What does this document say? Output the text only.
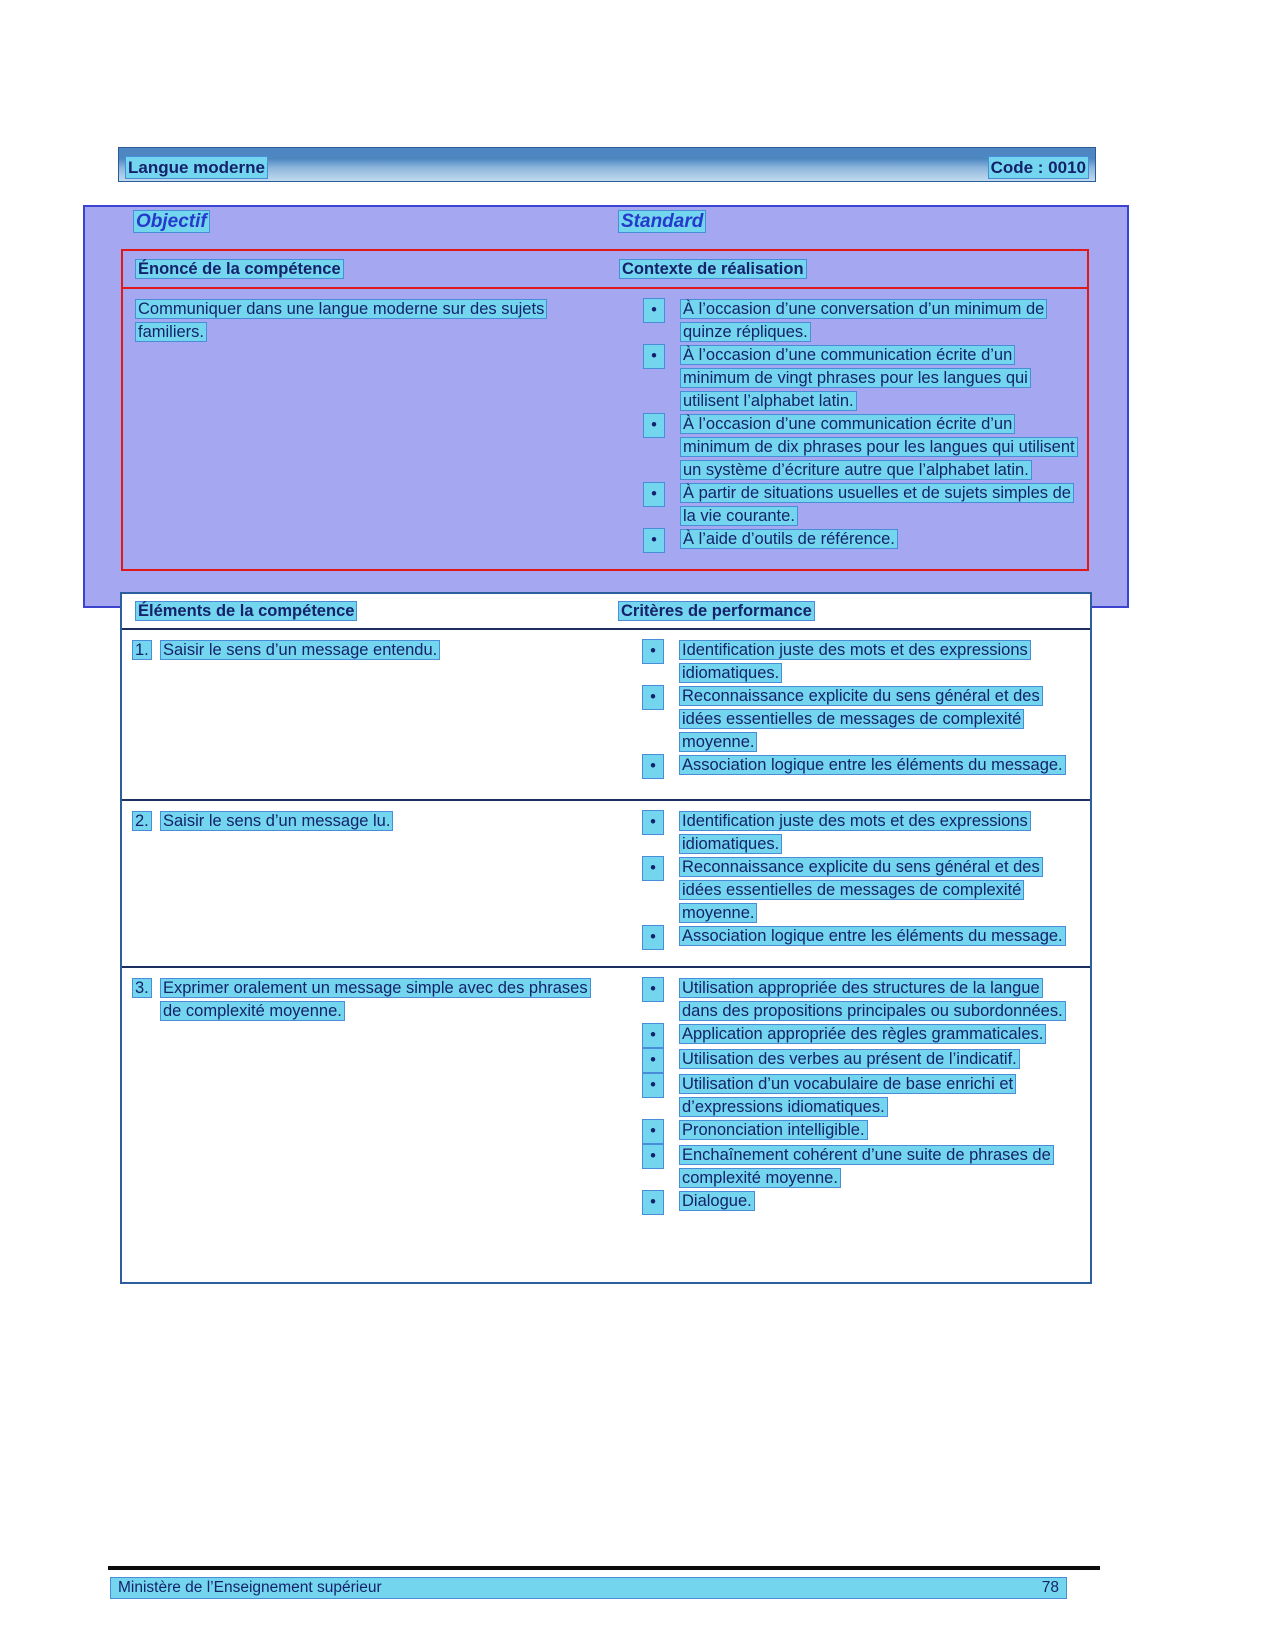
Langue moderne	Code : 0010
Objectif	Standard
Énoncé de la compétence	Contexte de réalisation
Communiquer dans une langue moderne sur des sujets familiers.
•	À l’occasion d’une conversation d’un minimum de quinze répliques.
•	À l’occasion d’une communication écrite d’un minimum de vingt phrases pour les langues qui utilisent l’alphabet latin.
•	À l’occasion d’une communication écrite d’un minimum de dix phrases pour les langues qui utilisent un système d’écriture autre que l’alphabet latin.
•	À partir de situations usuelles et de sujets simples de la vie courante.
•	À l’aide d’outils de référence.
Éléments de la compétence	Critères de performance
1. Saisir le sens d’un message entendu.	•	Identification juste des mots et des expressions idiomatiques.
•	Reconnaissance explicite du sens général et des idées essentielles de messages de complexité moyenne.
•	Association logique entre les éléments du message.
2. Saisir le sens d’un message lu.	•	Identification juste des mots et des expressions idiomatiques.
•	Reconnaissance explicite du sens général et des idées essentielles de messages de complexité moyenne.
•	Association logique entre les éléments du message.
3. Exprimer oralement un message simple avec des phrases de complexité moyenne.
•	Utilisation appropriée des structures de la langue dans des propositions principales ou subordonnées.
•	Application appropriée des règles grammaticales.
•	Utilisation des verbes au présent de l’indicatif.
•	Utilisation d’un vocabulaire de base enrichi et d’expressions idiomatiques.
•	Prononciation intelligible.
•	Enchaînement cohérent d’une suite de phrases de complexité moyenne.
•	Dialogue.
Ministère de l’Enseignement supérieur	78
